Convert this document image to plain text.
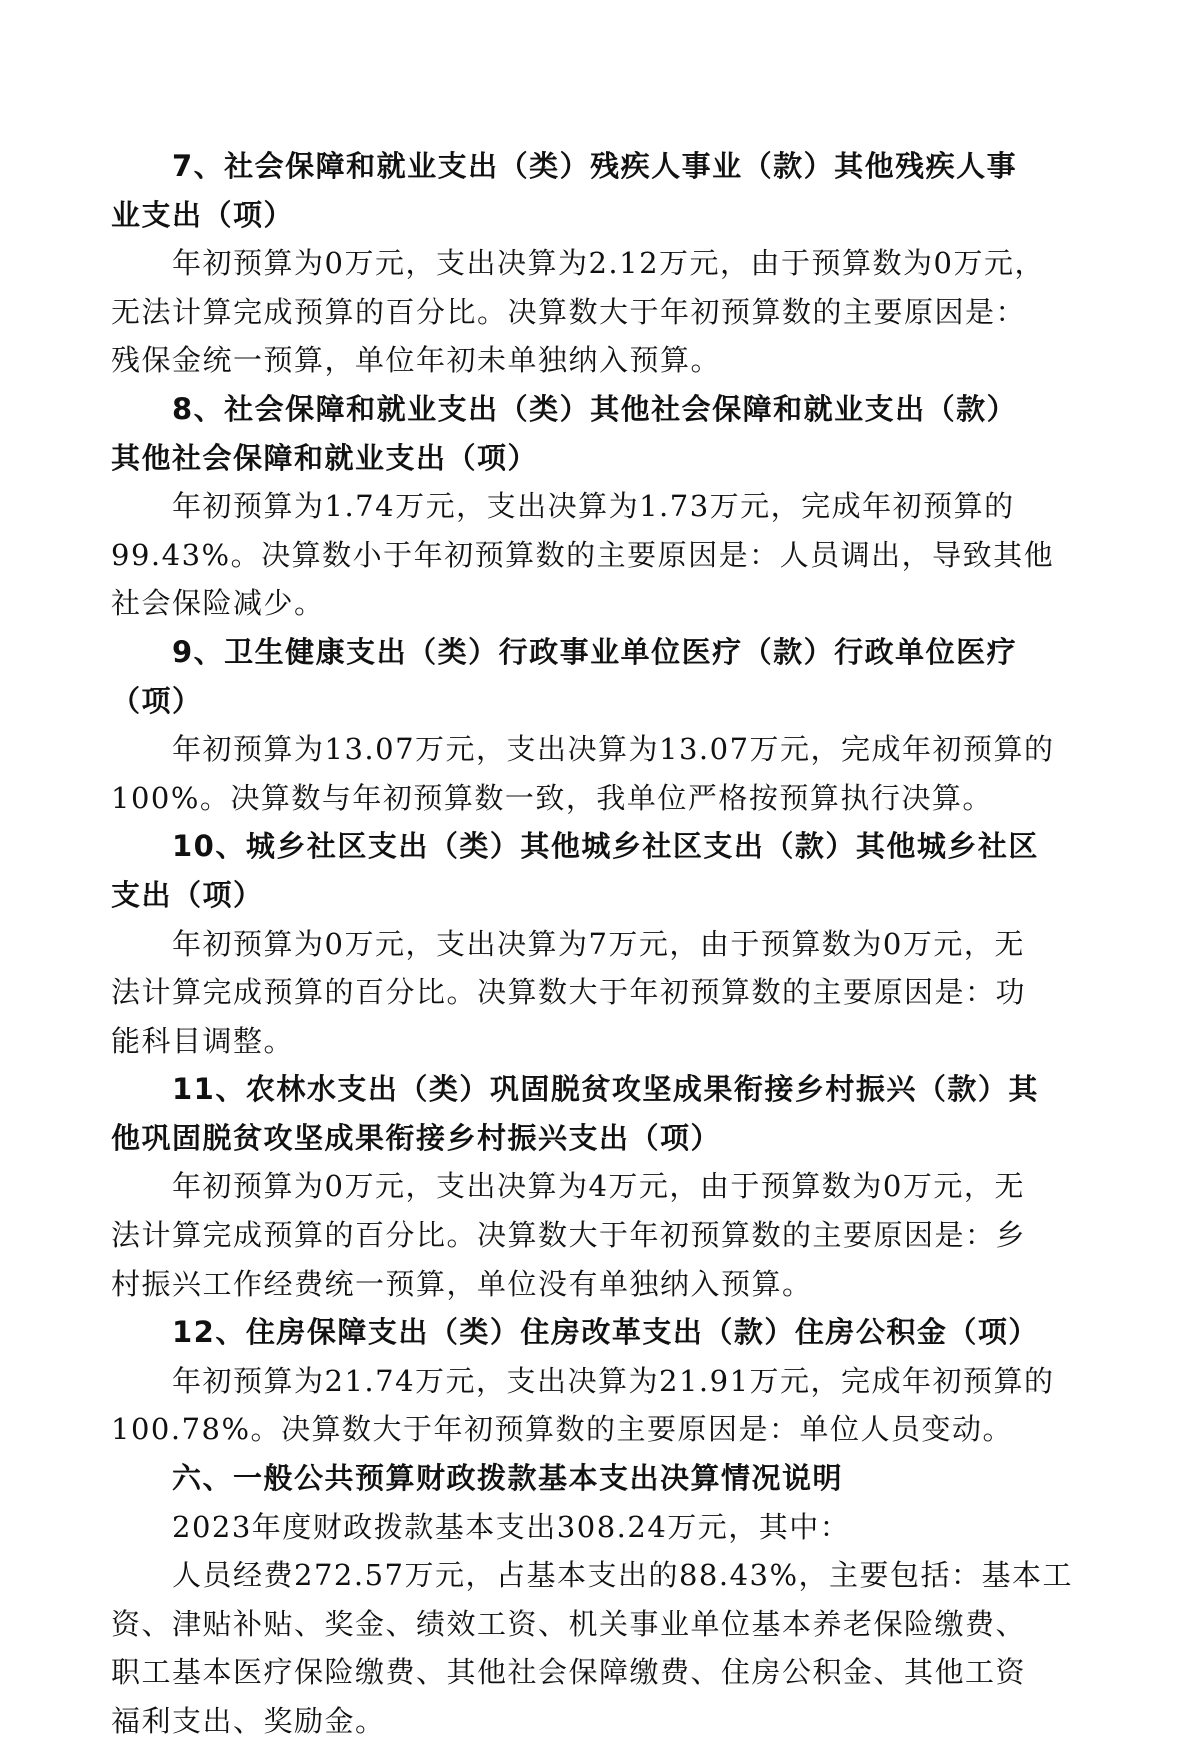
7、社会保障和就业支出（类）残疾人事业（款）其他残疾人事
业支出（项）
年初预算为0万元，支出决算为2.12万元，由于预算数为0万元，
无法计算完成预算的百分比。决算数大于年初预算数的主要原因是：
残保金统一预算，单位年初未单独纳入预算。
8、社会保障和就业支出（类）其他社会保障和就业支出（款）
其他社会保障和就业支出（项）
年初预算为1.74万元，支出决算为1.73万元，完成年初预算的
99.43%。决算数小于年初预算数的主要原因是：人员调出，导致其他
社会保险减少。
9、卫生健康支出（类）行政事业单位医疗（款）行政单位医疗
（项）
年初预算为13.07万元，支出决算为13.07万元，完成年初预算的
100%。决算数与年初预算数一致，我单位严格按预算执行决算。
10、城乡社区支出（类）其他城乡社区支出（款）其他城乡社区
支出（项）
年初预算为0万元，支出决算为7万元，由于预算数为0万元，无
法计算完成预算的百分比。决算数大于年初预算数的主要原因是：功
能科目调整。
11、农林水支出（类）巩固脱贫攻坚成果衔接乡村振兴（款）其
他巩固脱贫攻坚成果衔接乡村振兴支出（项）
年初预算为0万元，支出决算为4万元，由于预算数为0万元，无
法计算完成预算的百分比。决算数大于年初预算数的主要原因是：乡
村振兴工作经费统一预算，单位没有单独纳入预算。
12、住房保障支出（类）住房改革支出（款）住房公积金（项）
年初预算为21.74万元，支出决算为21.91万元，完成年初预算的
100.78%。决算数大于年初预算数的主要原因是：单位人员变动。
六、一般公共预算财政拨款基本支出决算情况说明
2023年度财政拨款基本支出308.24万元，其中：
人员经费272.57万元，占基本支出的88.43%，主要包括：基本工
资、津贴补贴、奖金、绩效工资、机关事业单位基本养老保险缴费、
职工基本医疗保险缴费、其他社会保障缴费、住房公积金、其他工资
福利支出、奖励金。
